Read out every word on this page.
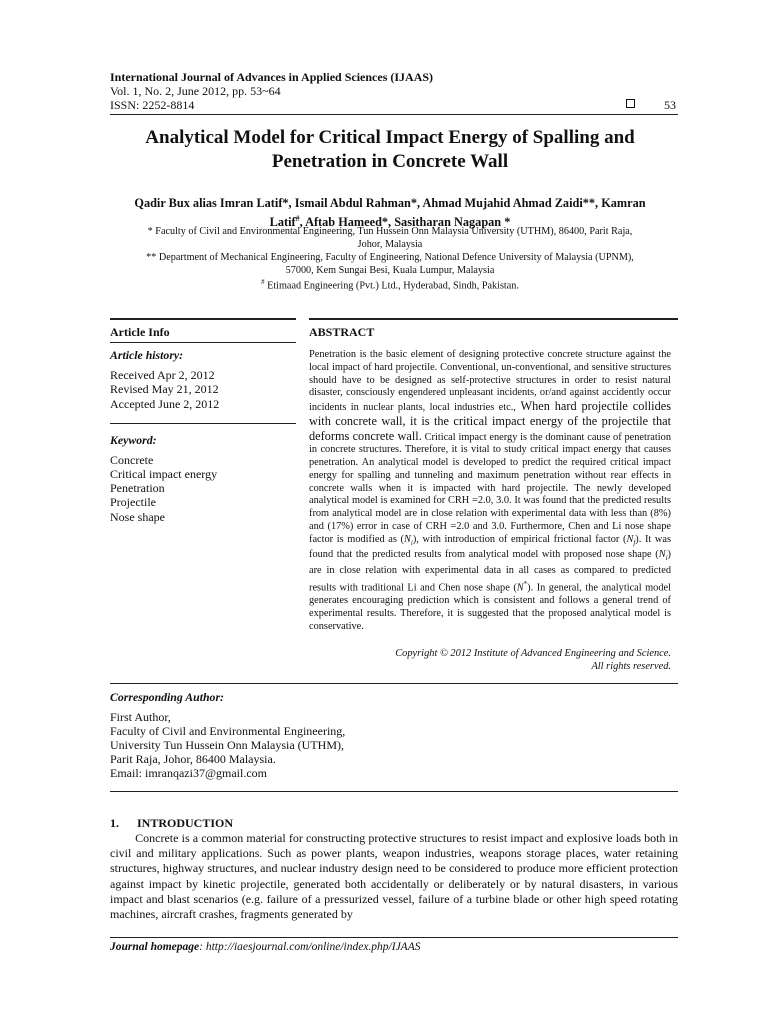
International Journal of Advances in Applied Sciences (IJAAS)
Vol. 1, No. 2, June 2012, pp. 53~64
ISSN: 2252-8814	53
Analytical Model for Critical Impact Energy of Spalling and
Penetration in Concrete Wall
Qadir Bux alias Imran Latif*, Ismail Abdul Rahman*, Ahmad Mujahid Ahmad Zaidi**, Kamran
Latif#, Aftab Hameed*, Sasitharan Nagapan *
* Faculty of Civil and Environmental Engineering, Tun Hussein Onn Malaysia University (UTHM), 86400, Parit Raja,
Johor, Malaysia
** Department of Mechanical Engineering, Faculty of Engineering, National Defence University of Malaysia (UPNM),
57000, Kem Sungai Besi, Kuala Lumpur, Malaysia
# Etimaad Engineering (Pvt.) Ltd., Hyderabad, Sindh, Pakistan.
Article Info	ABSTRACT
Article history:
Received Apr 2, 2012
Revised May 21, 2012
Accepted June 2, 2012
Keyword:
Concrete
Critical impact energy
Penetration
Projectile
Nose shape
Penetration is the basic element of designing protective concrete structure against the local impact of hard projectile. Conventional, un-conventional, and sensitive structures should have to be designed as self-protective structures in order to resist natural disaster, consciously engendered unpleasant incidents, or/and against accidently occur incidents in nuclear plants, local industries etc., When hard projectile collides with concrete wall, it is the critical impact energy of the projectile that deforms concrete wall. Critical impact energy is the dominant cause of penetration in concrete structures. Therefore, it is vital to study critical impact energy that causes penetration. An analytical model is developed to predict the required critical impact energy for spalling and tunneling and maximum penetration without rear effects in concrete walls when it is impacted with hard projectile. The newly developed analytical model is examined for CRH =2.0, 3.0. It was found that the predicted results from analytical model are in close relation with experimental data with less than (8%) and (17%) error in case of CRH =2.0 and 3.0. Furthermore, Chen and Li nose shape factor is modified as $(N_i)$, with introduction of empirical frictional factor $(N_f)$. It was found that the predicted results from analytical model with proposed nose shape $(N_i)$ are in close relation with experimental data in all cases as compared to predicted results with traditional Li and Chen nose shape (N*). In general, the analytical model generates encouraging prediction which is consistent and follows a general trend of experimental results. Therefore, it is suggested that the proposed analytical model is conservative.
Copyright © 2012 Institute of Advanced Engineering and Science.
All rights reserved.
Corresponding Author:
First Author,
Faculty of Civil and Environmental Engineering,
University Tun Hussein Onn Malaysia (UTHM),
Parit Raja, Johor, 86400 Malaysia.
Email: imranqazi37@gmail.com
1.      INTRODUCTION
Concrete is a common material for constructing protective structures to resist impact and explosive loads both in civil and military applications. Such as power plants, weapon industries, weapons storage places, water retaining structures, highway structures, and nuclear industry design need to be considered to produce more efficient protection against impact by kinetic projectile, generated both accidentally or deliberately or by natural disasters, in various impact and blast scenarios (e.g. failure of a pressurized vessel, failure of a turbine blade or other high speed rotating machines, aircraft crashes, fragments generated by
Journal homepage: http://iaesjournal.com/online/index.php/IJAAS
